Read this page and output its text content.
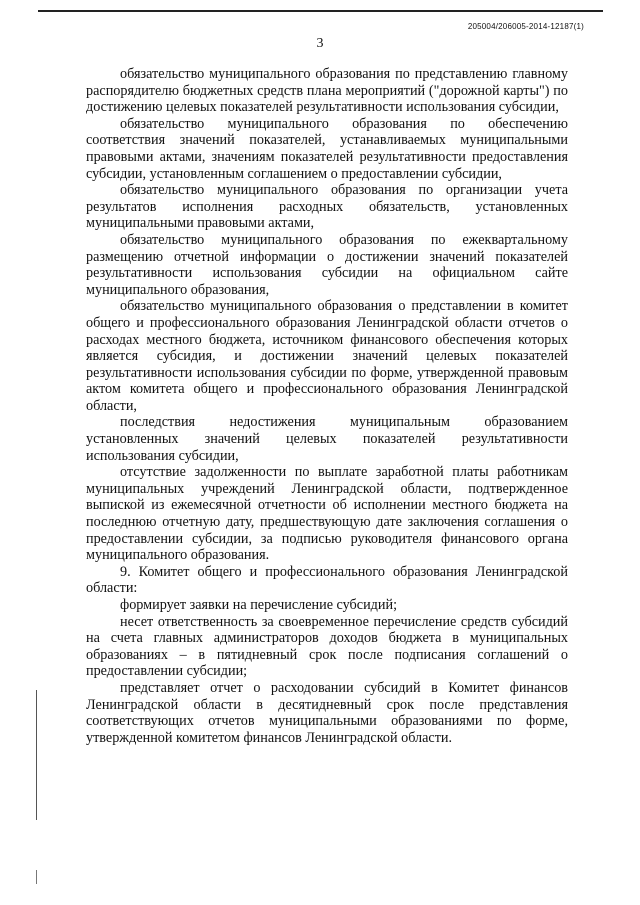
205004/206005-2014-12187(1)
3

обязательство муниципального образования по представлению главному распорядителю бюджетных средств плана мероприятий ("дорожной карты") по достижению целевых показателей результативности использования субсидии,

обязательство муниципального образования по обеспечению соответствия значений показателей, устанавливаемых муниципальными правовыми актами, значениям показателей результативности предоставления субсидии, установленным соглашением о предоставлении субсидии,

обязательство муниципального образования по организации учета результатов исполнения расходных обязательств, установленных муниципальными правовыми актами,

обязательство муниципального образования по ежеквартальному размещению отчетной информации о достижении значений показателей результативности использования субсидии на официальном сайте муниципального образования,

обязательство муниципального образования о представлении в комитет общего и профессионального образования Ленинградской области отчетов о расходах местного бюджета, источником финансового обеспечения которых является субсидия, и достижении значений целевых показателей результативности использования субсидии по форме, утвержденной правовым актом комитета общего и профессионального образования Ленинградской области,

последствия недостижения муниципальным образованием установленных значений целевых показателей результативности использования субсидии,

отсутствие задолженности по выплате заработной платы работникам муниципальных учреждений Ленинградской области, подтвержденное выпиской из ежемесячной отчетности об исполнении местного бюджета на последнюю отчетную дату, предшествующую дате заключения соглашения о предоставлении субсидии, за подписью руководителя финансового органа муниципального образования.

9. Комитет общего и профессионального образования Ленинградской области:

формирует заявки на перечисление субсидий;

несет ответственность за своевременное перечисление средств субсидий на счета главных администраторов доходов бюджета в муниципальных образованиях – в пятидневный срок после подписания соглашений о предоставлении субсидии;

представляет отчет о расходовании субсидий в Комитет финансов Ленинградской области в десятидневный срок после представления соответствующих отчетов муниципальными образованиями по форме, утвержденной комитетом финансов Ленинградской области.
